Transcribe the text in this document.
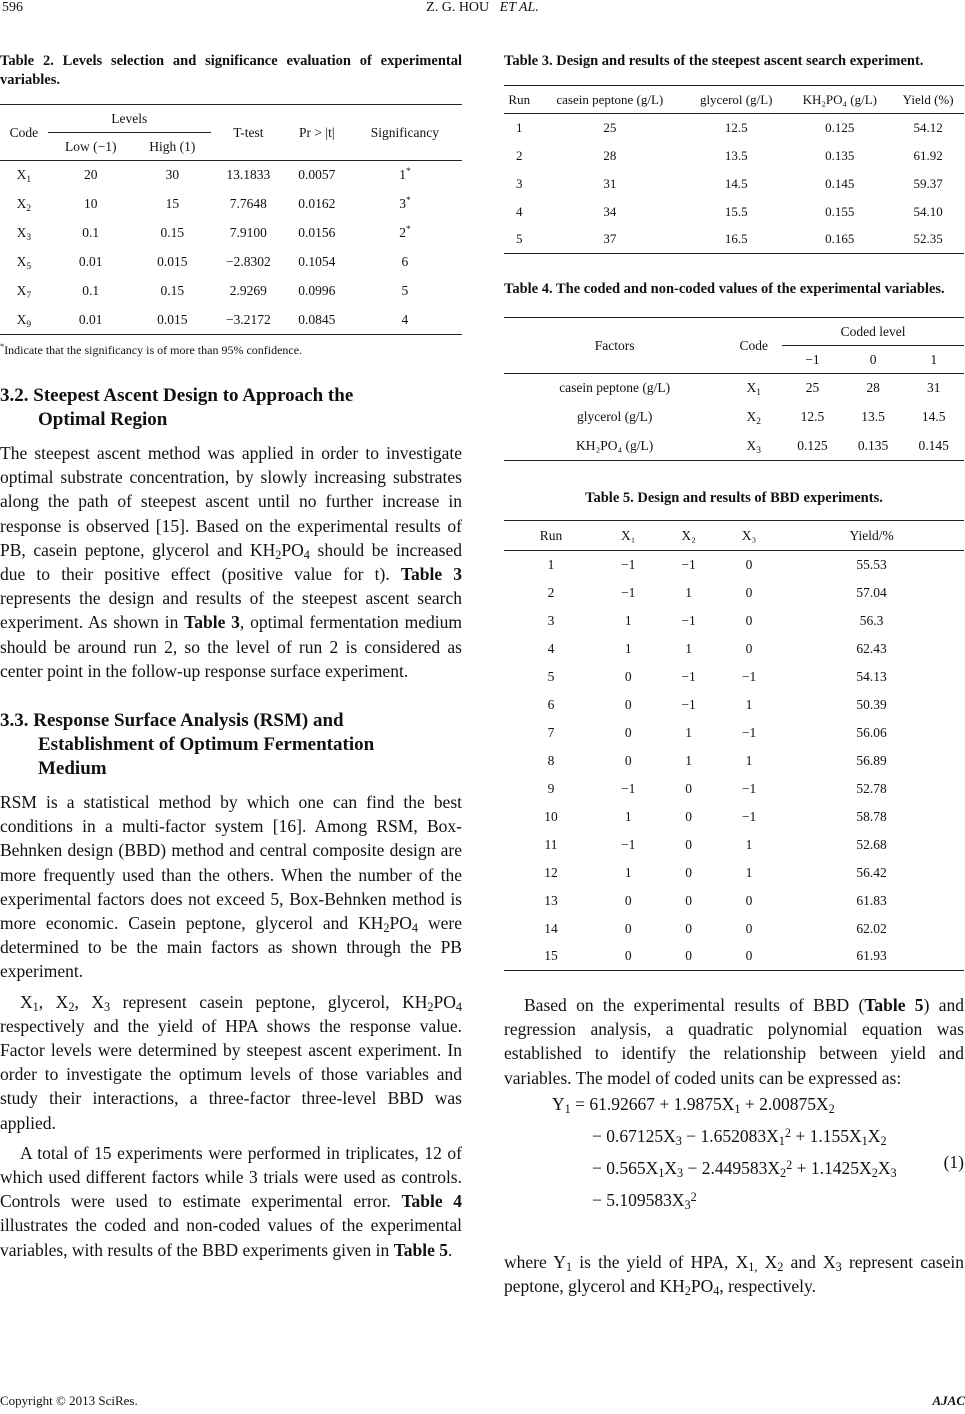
596	Z. G. HOU ET AL.

Table 2. Levels selection and significance evaluation of experimental variables.

Code	Levels		T-test	Pr > |t|	Significancy
	Low (−1)	High (1)			
$X_1$	20	30	13.1833	0.0057	1*
$X_2$	10	15	7.7648	0.0162	3*
$X_3$	0.1	0.15	7.9100	0.0156	2*
$X_5$	0.01	0.015	−2.8302	0.1054	6
$X_7$	0.1	0.15	2.9269	0.0996	5
$X_9$	0.01	0.015	−3.2172	0.0845	4

*Indicate that the significancy is of more than 95% confidence.

3.2. Steepest Ascent Design to Approach the
Optimal Region

The steepest ascent method was applied in order to investigate optimal substrate concentration, by slowly increasing substrates along the path of steepest ascent until no further increase in response is observed [15]. Based on the experimental results of PB, casein peptone, glycerol and $KH_2PO_4$ should be increased due to their positive effect (positive value for t). Table 3 represents the design and results of the steepest ascent search experiment. As shown in Table 3, optimal fermentation medium should be around run 2, so the level of run 2 is considered as center point in the follow-up response surface experiment.

3.3. Response Surface Analysis (RSM) and
Establishment of Optimum Fermentation
Medium

RSM is a statistical method by which one can find the best conditions in a multi-factor system [16]. Among RSM, Box-Behnken design (BBD) method and central composite design are more frequently used than the others. When the number of the experimental factors does not exceed 5, Box-Behnken method is more economic. Casein peptone, glycerol and $KH_2PO_4$ were determined to be the main factors as shown through the PB experiment.

$X_1$, $X_2$, $X_3$ represent casein peptone, glycerol, $KH_2PO_4$ respectively and the yield of HPA shows the response value. Factor levels were determined by steepest ascent experiment. In order to investigate the optimum levels of those variables and study their interactions, a three-factor three-level BBD was applied.

A total of 15 experiments were performed in triplicates, 12 of which used different factors while 3 trials were used as controls. Controls were used to estimate experimental error. Table 4 illustrates the coded and non-coded values of the experimental variables, with results of the BBD experiments given in Table 5.

Table 3. Design and results of the steepest ascent search experiment.

Run	casein peptone (g/L)	glycerol (g/L)	KH₂PO₄ (g/L)	Yield (%)
1	25	12.5	0.125	54.12
2	28	13.5	0.135	61.92
3	31	14.5	0.145	59.37
4	34	15.5	0.155	54.10
5	37	16.5	0.165	52.35

Table 4. The coded and non-coded values of the experimental variables.

Factors	Code	Coded level		
		−1	0	1
casein peptone (g/L)	$X_1$	25	28	31
glycerol (g/L)	$X_2$	12.5	13.5	14.5
KH₂PO₄ (g/L)	$X_3$	0.125	0.135	0.145

Table 5. Design and results of BBD experiments.

Run	X₁	X₂	X₃	Yield/%
1	−1	−1	0	55.53
2	−1	1	0	57.04
3	1	−1	0	56.3
4	1	1	0	62.43
5	0	−1	−1	54.13
6	0	−1	1	50.39
7	0	1	−1	56.06
8	0	1	1	56.89
9	−1	0	−1	52.78
10	1	0	−1	58.78
11	−1	0	1	52.68
12	1	0	1	56.42
13	0	0	0	61.83
14	0	0	0	62.02
15	0	0	0	61.93

Based on the experimental results of BBD (Table 5) and regression analysis, a quadratic polynomial equation was established to identify the relationship between yield and variables. The model of coded units can be expressed as:

$Y_1 = 61.92667 + 1.9875X_1 + 2.00875X_2$
− $0.67125X_3 - 1.652083X_1^2 + 1.155X_1X_2$
− $0.565X_1X_3 - 2.449583X_2^2 + 1.1425X_2X_3$
− $5.109583X_3^2$
(1)

where $Y_1$ is the yield of HPA, $X_{1,}$ $X_2$ and $X_3$ represent casein peptone, glycerol and $KH_2PO_4$, respectively.

Copyright © 2013 SciRes.	AJAC
